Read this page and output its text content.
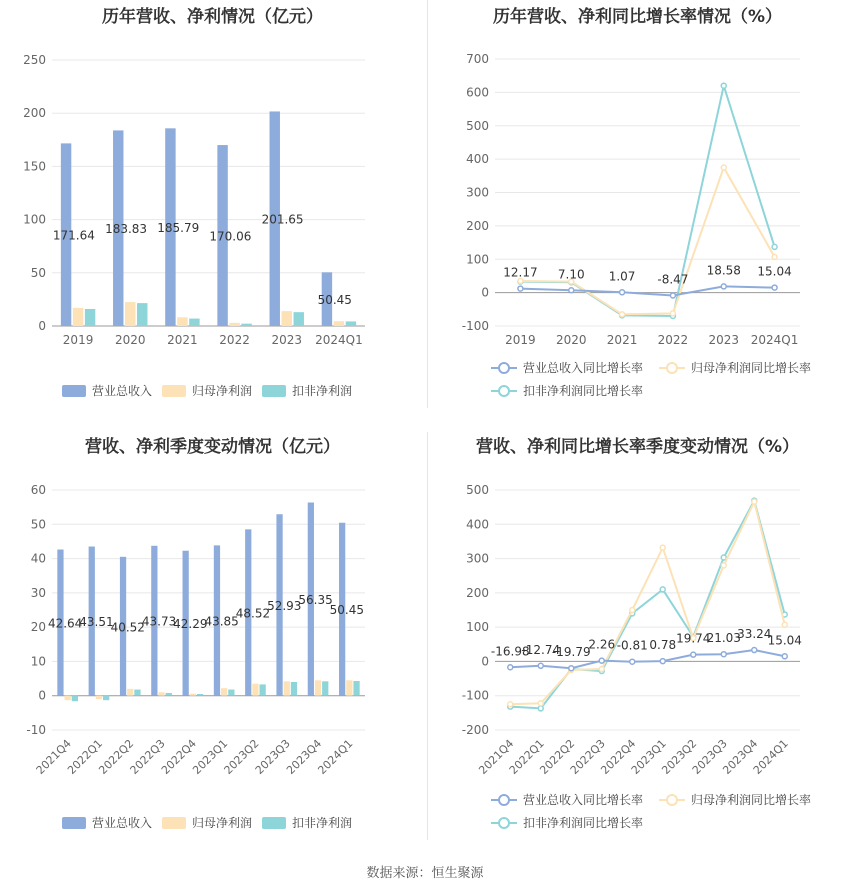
历年营收、净利情况（亿元）
0
50
100
150
200
250
2019 2020 2021 2022 2023 2024Q1
171.64 183.83 185.79
170.06
201.65
50.45
营业总收入	归母净利润	扣非净利润
历年营收、净利同比增长率情况（%）
-100
0
100
200
300
400
500
600
700
2019 2020 2021 2022 2023 2024Q1
12.17 7.10 1.07 -8.47
18.58 15.04
营业总收入同比增长率	归母净利润同比增长率
扣非净利润同比增长率
营收、净利季度变动情况（亿元）
-10
0
10
20
30
40
50
60
2021Q4
2022Q1
2022Q2
2022Q3
2022Q4
2023Q1
2023Q2
2023Q3
2023Q4
2024Q1
42.64
43.51
40.52
43.73
42.29
43.85
48.52
52.93
56.35
50.45
营业总收入	归母净利润	扣非净利润
营收、净利同比增长率季度变动情况（%）
-200
-100
0
100
200
300
400
500
2021Q4
2022Q1
2022Q2
2022Q3
2022Q4
2023Q1
2023Q2
2023Q3
2023Q4
2024Q1
-16.98
-12.74
-19.79
2.26 -0.81 0.78 19.74
21.03
33.24
15.04
营业总收入同比增长率	归母净利润同比增长率
扣非净利润同比增长率
数据来源：恒生聚源
